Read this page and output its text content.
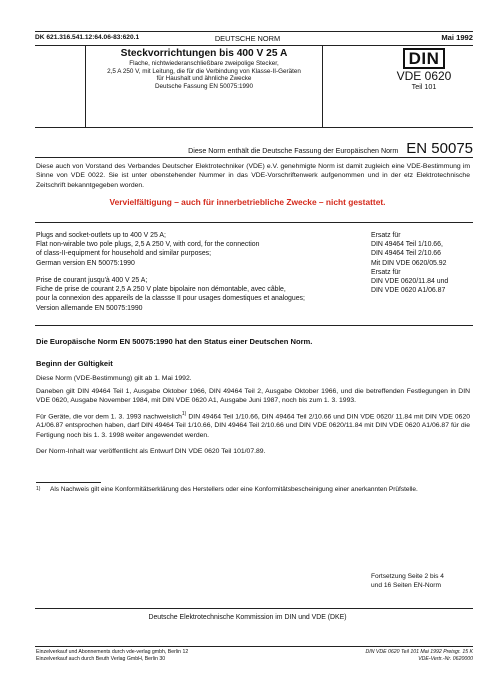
DK 621.316.541.12:64.06-83:620.1	DEUTSCHE NORM	Mai 1992
Steckvorrichtungen bis 400 V 25 A
Flache, nichtwiederanschließbare zweipolige Stecker,
2,5 A 250 V, mit Leitung, die für die Verbindung von Klasse-II-Geräten
für Haushalt und ähnliche Zwecke
Deutsche Fassung EN 50075:1990
DIN
VDE 0620
Teil 101
Diese Norm enthält die Deutsche Fassung der Europäischen Norm EN 50075
Diese auch von Vorstand des Verbandes Deutscher Elektrotechniker (VDE) e.V. genehmigte Norm ist damit zugleich eine VDE-Bestimmung im Sinne von VDE 0022. Sie ist unter obenstehender Nummer in das VDE-Vorschriftenwerk aufgenommen und in der etz Elektrotechnische Zeitschrift bekanntgegeben worden.
Vervielfältigung – auch für innerbetriebliche Zwecke – nicht gestattet.
Plugs and socket-outlets up to 400 V 25 A;
Flat non-wirable two pole plugs, 2,5 A 250 V, with cord, for the connection
of class-II-equipment for household and similar purposes;
German version EN 50075:1990
Prise de courant jusqu'à 400 V 25 A;
Fiche de prise de courant 2,5 A 250 V plate bipolaire non démontable, avec câble,
pour la connexion des appareils de la classse II pour usages domestiques et analogues;
Version allemande EN 50075:1990
Ersatz für
DIN 49464 Teil 1/10.66,
DIN 49464 Teil 2/10.66
Mit DIN VDE 0620/05.92
Ersatz für
DIN VDE 0620/11.84 und
DIN VDE 0620 A1/06.87
Die Europäische Norm EN 50075:1990 hat den Status einer Deutschen Norm.
Beginn der Gültigkeit
Diese Norm (VDE-Bestimmung) gilt ab 1. Mai 1992.
Daneben gilt DIN 49464 Teil 1, Ausgabe Oktober 1966, DIN 49464 Teil 2, Ausgabe Oktober 1966, und die betreffenden Festlegungen in DIN VDE 0620, Ausgabe November 1984, mit DIN VDE 0620 A1, Ausgabe Juni 1987, noch bis zum 1. 3. 1993.
Für Geräte, die vor dem 1. 3. 1993 nachweislich$^{1)}$ DIN 49464 Teil 1/10.66, DIN 49464 Teil 2/10.66 und DIN VDE 0620/ 11.84 mit DIN VDE 0620 A1/06.87 entsprochen haben, darf DIN 49464 Teil 1/10.66, DIN 49464 Teil 2/10.66 und DIN VDE 0620/11.84 mit DIN VDE 0620 A1/06.87 für die Fertigung noch bis 1. 3. 1998 weiter angewendet werden.
Der Norm-Inhalt war veröffentlicht als Entwurf DIN VDE 0620 Teil 101/07.89.
$^{1)}$	Als Nachweis gilt eine Konformitätserklärung des Herstellers oder eine Konformitätsbescheinigung einer anerkannten Prüfstelle.
Fortsetzung Seite 2 bis 4
und 16 Seiten EN-Norm
Deutsche Elektrotechnische Kommission im DIN und VDE (DKE)
Einzelverkauf und Abonnements durch vde-verlag gmbh, Berlin 12
Einzelverkauf auch durch Beuth Verlag GmbH, Berlin 30
DIN VDE 0620 Teil 101 Mai 1992 Preisgr. 15 K
VDE-Vertr.-Nr. 0620000
